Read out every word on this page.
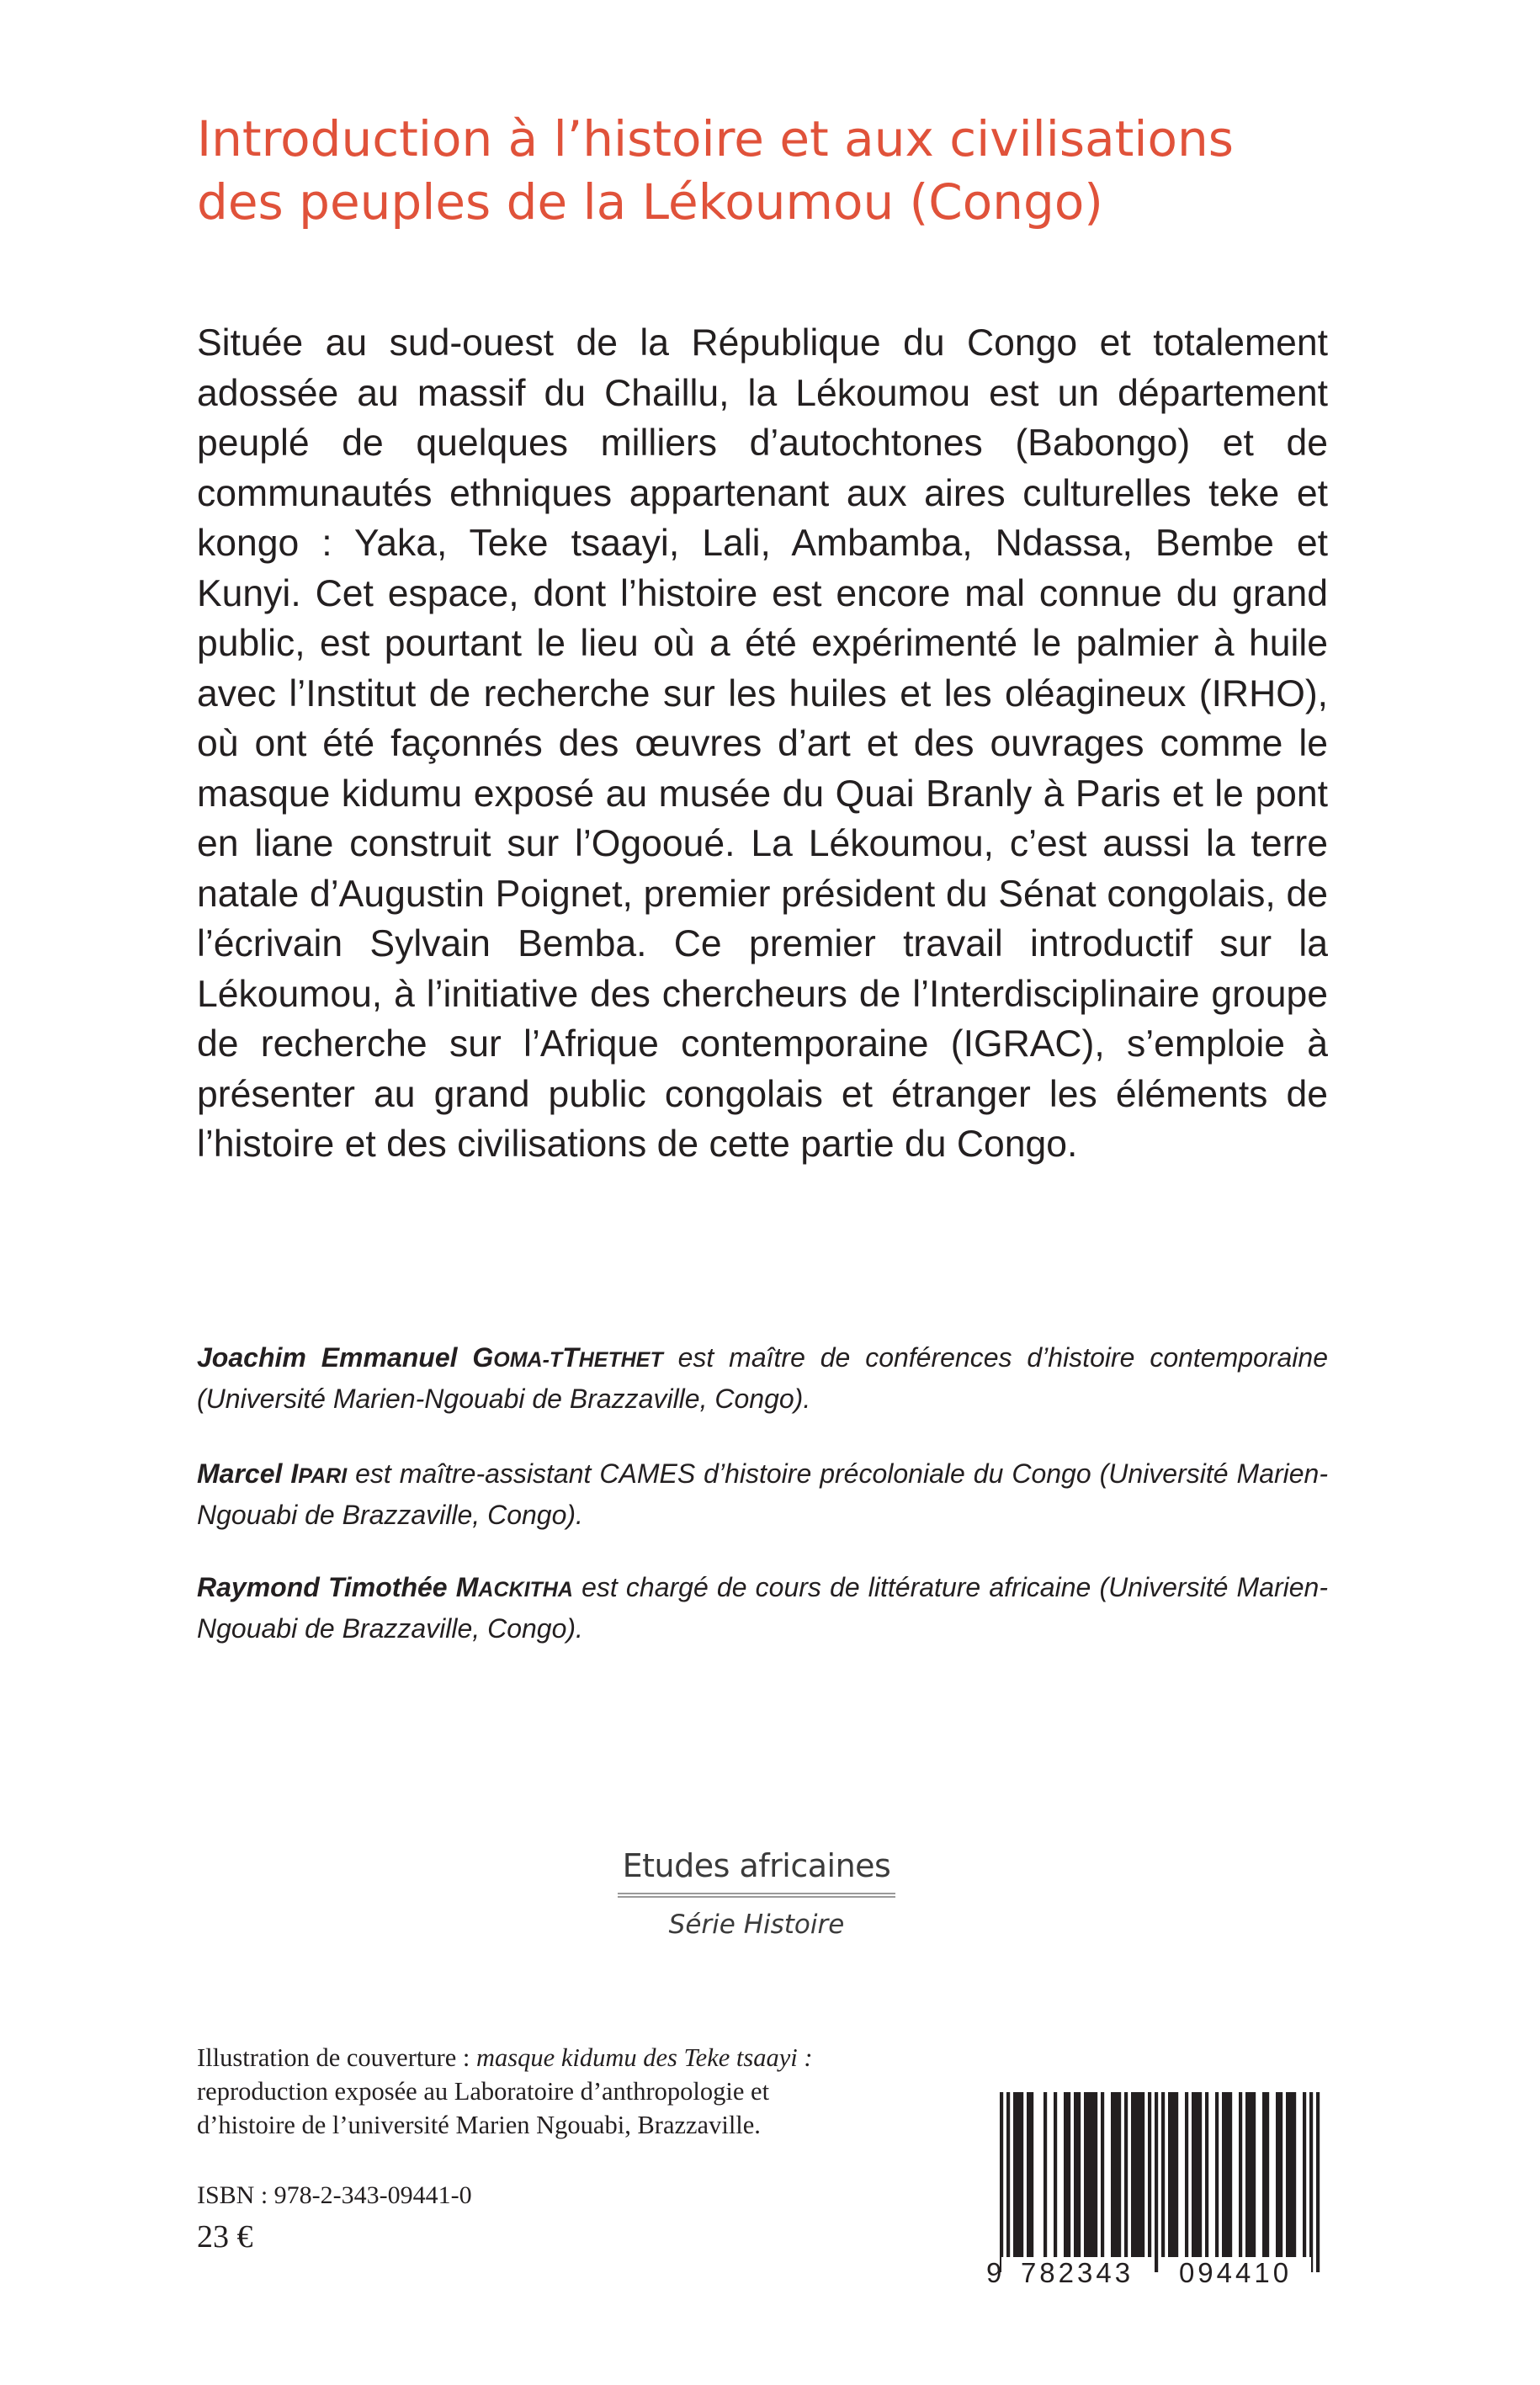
Introduction à l’histoire et aux civilisations
des peuples de la Lékoumou (Congo)

Située au sud-ouest de la République du Congo et totalement adossée au massif du Chaillu, la Lékoumou est un département peuplé de quelques milliers d’autochtones (Babongo) et de communautés ethniques appartenant aux aires culturelles teke et kongo : Yaka, Teke tsaayi, Lali, Ambamba, Ndassa, Bembe et Kunyi. Cet espace, dont l’histoire est encore mal connue du grand public, est pourtant le lieu où a été expérimenté le palmier à huile avec l’Institut de recherche sur les huiles et les oléagineux (IRHO), où ont été façonnés des œuvres d’art et des ouvrages comme le masque kidumu exposé au musée du Quai Branly à Paris et le pont en liane construit sur l’Ogooué. La Lékoumou, c’est aussi la terre natale d’Augustin Poignet, premier président du Sénat congolais, de l’écrivain Sylvain Bemba. Ce premier travail introductif sur la Lékoumou, à l’initiative des chercheurs de l’Interdisciplinaire groupe de recherche sur l’Afrique contemporaine (IGRAC), s’emploie à présenter au grand public congolais et étranger les éléments de l’histoire et des civilisations de cette partie du Congo.

Joachim Emmanuel GOMA-TTHETHET est maître de conférences d’histoire contemporaine (Université Marien-Ngouabi de Brazzaville, Congo).

Marcel IPARI est maître-assistant CAMES d’histoire précoloniale du Congo (Université Marien-Ngouabi de Brazzaville, Congo).

Raymond Timothée MACKITHA est chargé de cours de littérature africaine (Université Marien-Ngouabi de Brazzaville, Congo).

Etudes africaines
Série Histoire
Illustration de couverture : masque kidumu des Teke tsaayi :
reproduction exposée au Laboratoire d’anthropologie et
d’histoire de l’université Marien Ngouabi, Brazzaville.
ISBN : 978-2-343-09441-0
23 €
9 782343 094410
